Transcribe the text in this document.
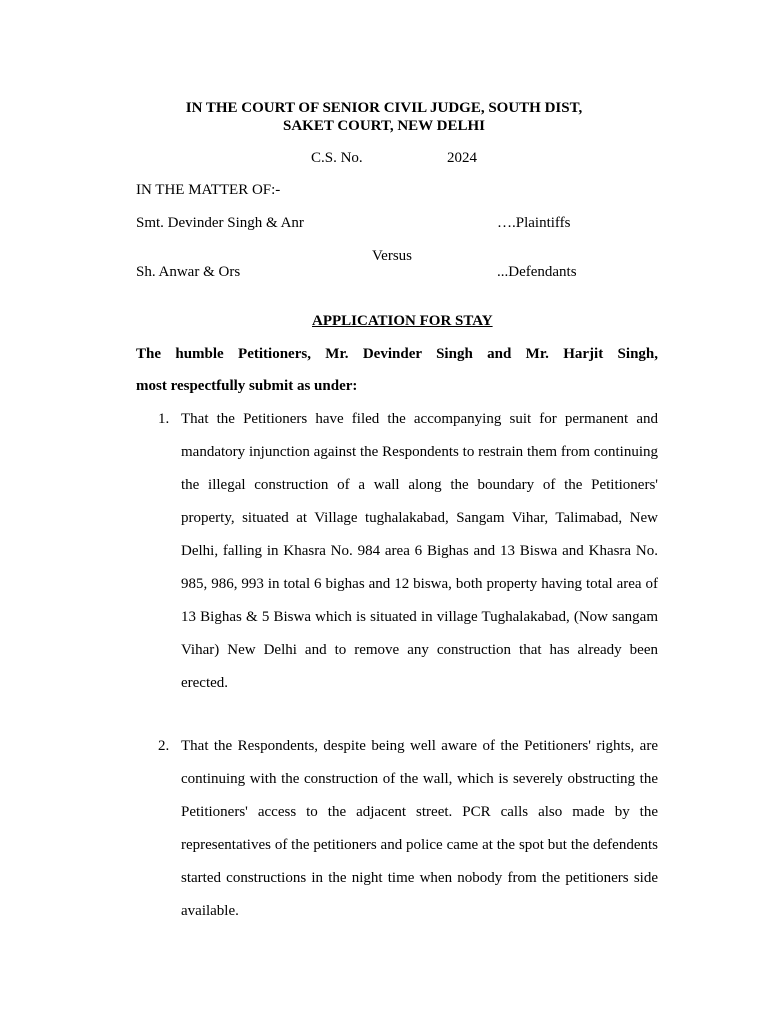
IN THE COURT OF SENIOR CIVIL JUDGE, SOUTH DIST,
SAKET COURT, NEW DELHI
C.S. No.	2024
IN THE MATTER OF:-
Smt. Devinder Singh & Anr	….Plaintiffs
Versus
Sh. Anwar & Ors	...Defendants
APPLICATION FOR STAY
The humble Petitioners, Mr. Devinder Singh and Mr. Harjit Singh,
most respectfully submit as under:
1. That the Petitioners have filed the accompanying suit for permanent and mandatory injunction against the Respondents to restrain them from continuing the illegal construction of a wall along the boundary of the Petitioners' property, situated at Village tughalakabad, Sangam Vihar, Talimabad, New Delhi, falling in Khasra No. 984 area 6 Bighas and 13 Biswa and Khasra No. 985, 986, 993 in total 6 bighas and 12 biswa, both property having total area of 13 Bighas & 5 Biswa which is situated in village Tughalakabad, (Now sangam Vihar) New Delhi and to remove any construction that has already been erected.
2. That the Respondents, despite being well aware of the Petitioners' rights, are continuing with the construction of the wall, which is severely obstructing the Petitioners' access to the adjacent street. PCR calls also made by the representatives of the petitioners and police came at the spot but the defendents started constructions in the night time when nobody from the petitioners side available.
